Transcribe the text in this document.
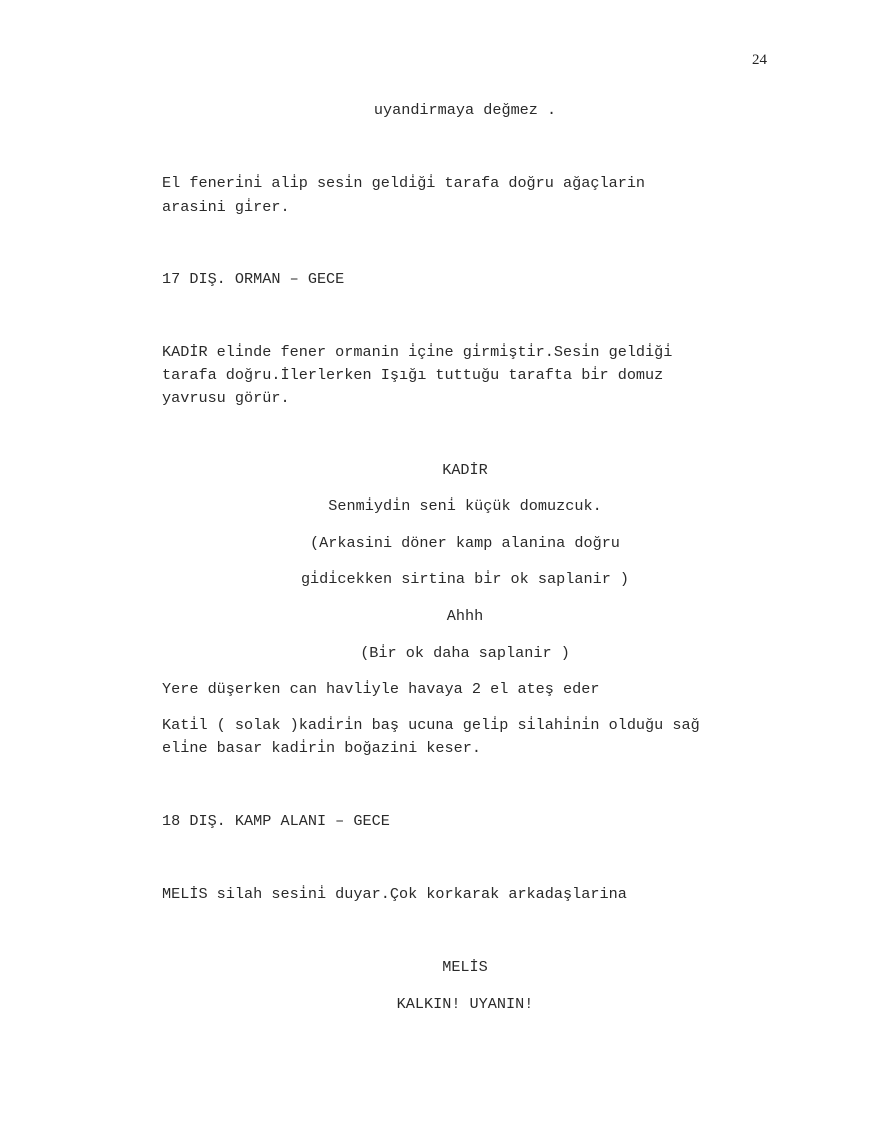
24
uyandirmaya değmez .
El feneri̇ni̇ ali̇p sesi̇n geldi̇ği̇ tarafa doğru ağaçlarin
arasini gi̇rer.
17 DIŞ. ORMAN – GECE
KADİR eli̇nde fener ormanin i̇çi̇ne gi̇rmi̇şti̇r.Sesi̇n geldi̇ği̇
tarafa doğru.İlerlerken Işığı tuttuğu tarafta bi̇r domuz
yavrusu görür.
KADİR
Senmi̇ydi̇n seni̇ küçük domuzcuk.
(Arkasini döner kamp alanina doğru
gi̇di̇cekken sirtina bi̇r ok saplanir )
Ahhh
(Bi̇r ok daha saplanir )
Yere düşerken can havli̇yle havaya 2 el ateş eder
Kati̇l ( solak )kadi̇ri̇n baş ucuna geli̇p si̇lahi̇ni̇n olduğu sağ
eli̇ne basar kadi̇ri̇n boğazini keser.
18 DIŞ. KAMP ALANI – GECE
MELİS silah sesi̇ni̇ duyar.Çok korkarak arkadaşlarina
MELİS
KALKIN! UYANIN!
